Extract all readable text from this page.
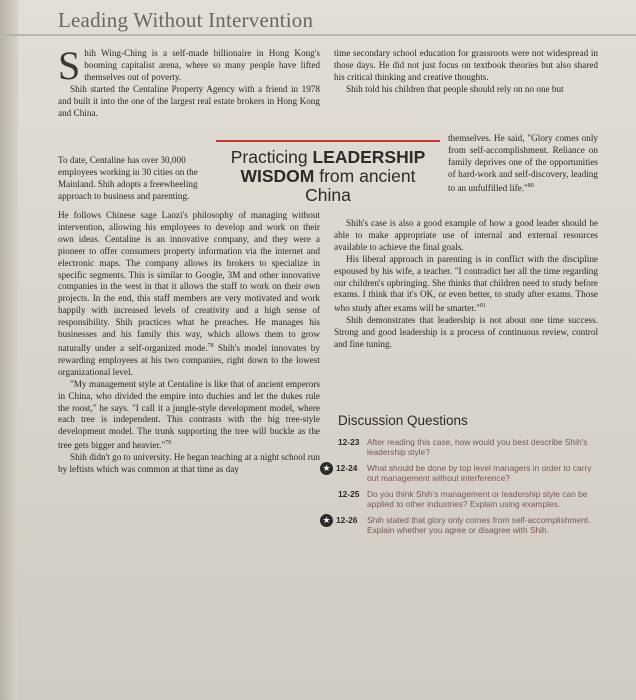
Leading Without Intervention
S hih Wing-Ching is a self-made billionaire in Hong Kong's booming capitalist arena, where so many people have lifted themselves out of poverty.

Shih started the Centaline Property Agency with a friend in 1978 and built it into the one of the largest real estate brokers in Hong Kong and China.

To date, Centaline has over 30,000 employees working in 30 cities on the Mainland. Shih adopts a freewheeling approach to business and parenting.

He follows Chinese sage Laozi's philosophy of managing without intervention, allowing his employees to develop and work on their own ideas. Centaline is an innovative company, and they were a pioneer to offer consumers property information via the internet and electronic maps. The company allows its brokers to specialize in specific segments. This is similar to Google, 3M and other innovative companies in the west in that it allows the staff to work on their own projects. In the end, this staff members are very motivated and work happily with increased levels of creativity and a high sense of responsibility. Shih practices what he preaches. He manages his businesses and his family this way, which allows them to grow naturally under a self-organized mode.$^{78}$ Shih's model innovates by rewarding employees at his two companies, right down to the lowest organizational level.

"My management style at Centaline is like that of ancient emperors in China, who divided the empire into duchies and let the dukes rule the roost," he says. "I call it a jungle-style development model, where each tree is independent. This contrasts with the big tree-style development model. The trunk supporting the tree will buckle as the tree gets bigger and heavier."$^{79}$

Shih didn't go to university. He began teaching at a night school run by leftists which was common at that time as day

time secondary school education for grassroots were not widespread in those days. He did not just focus on textbook theories but also shared his critical thinking and creative thoughts.

Shih told his children that people should rely on no one but

Practicing LEADERSHIP
WISDOM from ancient
China

themselves. He said, "Glory comes only from self-accomplishment. Reliance on family deprives one of the opportunities of hard-work and self-discovery, leading to an unfulfilled life."$^{80}$

Shih's case is also a good example of how a good leader should be able to make appropriate use of internal and external resources available to achieve the final goals.

His liberal approach in parenting is in conflict with the discipline espoused by his wife, a teacher. "I contradict her all the time regarding our children's upbringing. She thinks that children need to study before exams. I think that it's OK, or even better, to study after exams. Those who study after exams will be smarter."$^{81}$

Shih demonstrates that leadership is not about one time success. Strong and good leadership is a process of continuous review, control and fine tuning.

Discussion Questions
12-23 After reading this case, how would you best describe Shih's
leadership style?
★ 12-24 What should be done by top level managers in order to carry
out management without interference?
12-25 Do you think Shih's management or leadership style can be
applied to other industries? Explain using examples.
★ 12-26 Shih stated that glory only comes from self-accomplishment.
Explain whether you agree or disagree with Shih.
